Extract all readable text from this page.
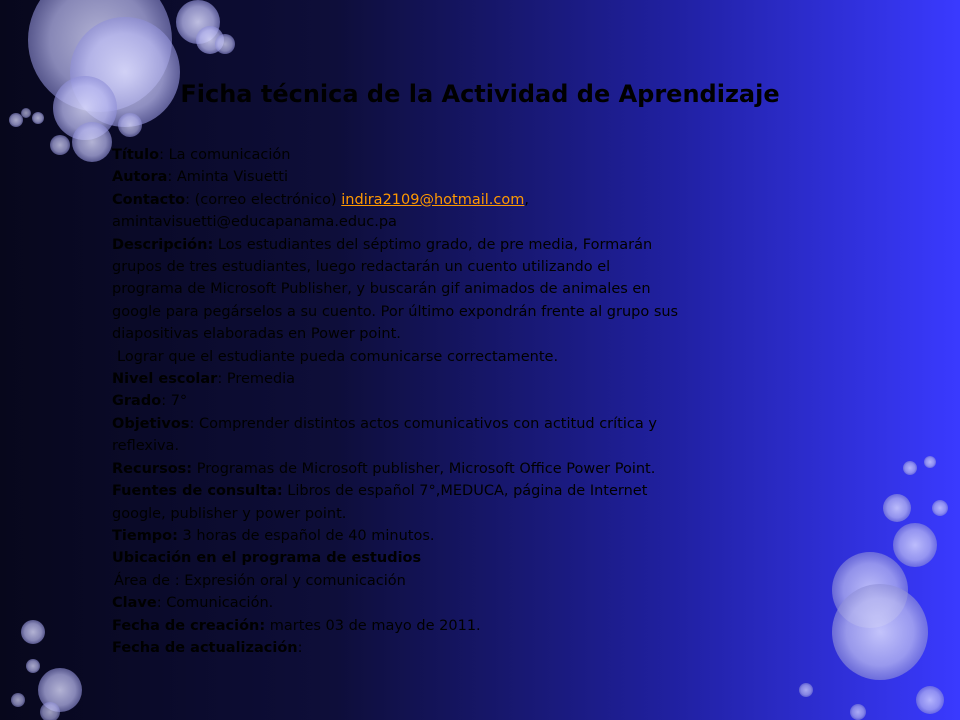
Ficha técnica de la Actividad de Aprendizaje
Título: La comunicación
Autora: Aminta Visuetti
Contacto: (correo electrónico) indira2109@hotmail.com,
amintavisuetti@educapanama.educ.pa
Descripción: Los estudiantes del séptimo grado, de pre media, Formarán
grupos de tres estudiantes, luego redactarán un cuento utilizando el
programa de Microsoft Publisher, y buscarán gif animados de animales en
google para pegárselos a su cuento. Por último expondrán frente al grupo sus
diapositivas elaboradas en Power point.
Lograr que el estudiante pueda comunicarse correctamente.
Nivel escolar: Premedia
Grado: 7°
Objetivos: Comprender distintos actos comunicativos con actitud crítica y
reflexiva.
Recursos: Programas de Microsoft publisher, Microsoft Office Power Point.
Fuentes de consulta: Libros de español 7°,MEDUCA, página de Internet
google, publisher y power point.
Tiempo: 3 horas de español de 40 minutos.
Ubicación en el programa de estudios
Área de : Expresión oral y comunicación
Clave: Comunicación.
Fecha de creación: martes 03 de mayo de 2011.
Fecha de actualización:
